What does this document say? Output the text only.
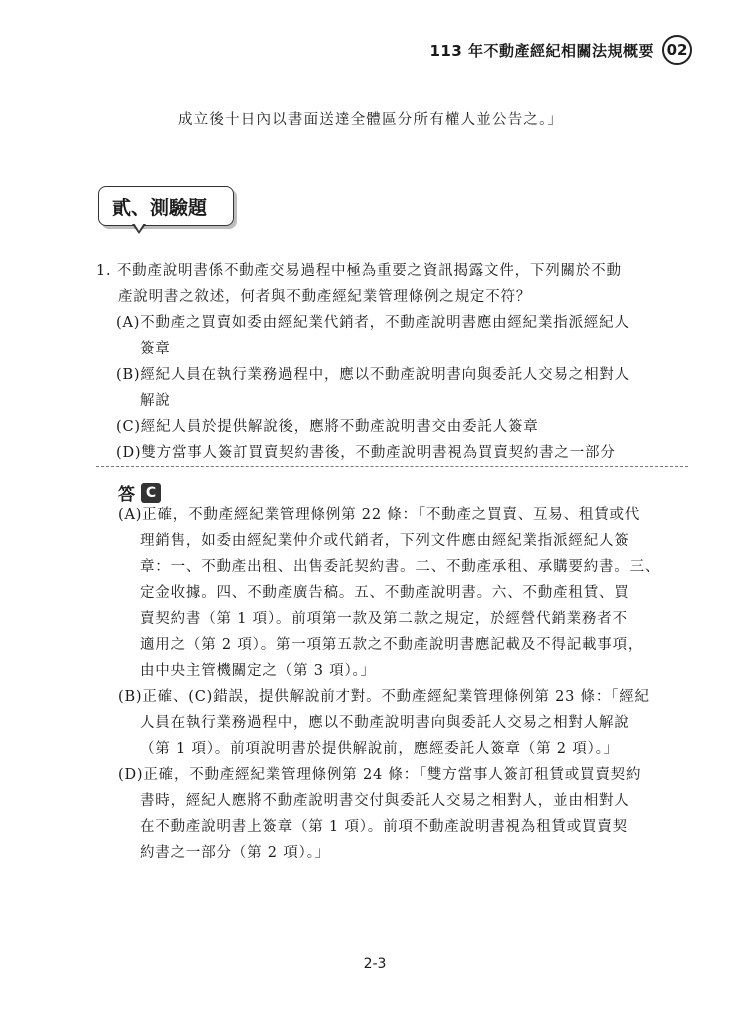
113 年不動產經紀相關法規概要 02
成立後十日內以書面送達全體區分所有權人並公告之。」
貳、測驗題
1. 不動產說明書係不動產交易過程中極為重要之資訊揭露文件，下列關於不動
產說明書之敘述，何者與不動產經紀業管理條例之規定不符？
(A)不動產之買賣如委由經紀業代銷者，不動產說明書應由經紀業指派經紀人
簽章
(B)經紀人員在執行業務過程中，應以不動產說明書向與委託人交易之相對人
解說
(C)經紀人員於提供解說後，應將不動產說明書交由委託人簽章
(D)雙方當事人簽訂買賣契約書後，不動產說明書視為買賣契約書之一部分
答 C
(A)正確，不動產經紀業管理條例第 22 條：「不動產之買賣、互易、租賃或代
理銷售，如委由經紀業仲介或代銷者，下列文件應由經紀業指派經紀人簽
章：一、不動產出租、出售委託契約書。二、不動產承租、承購要約書。三、
定金收據。四、不動產廣告稿。五、不動產說明書。六、不動產租賃、買
賣契約書（第 1 項）。前項第一款及第二款之規定，於經營代銷業務者不
適用之（第 2 項）。第一項第五款之不動產說明書應記載及不得記載事項，
由中央主管機關定之（第 3 項）。」
(B)正確、(C)錯誤，提供解說前才對。不動產經紀業管理條例第 23 條：「經紀
人員在執行業務過程中，應以不動產說明書向與委託人交易之相對人解說
（第 1 項）。前項說明書於提供解說前，應經委託人簽章（第 2 項）。」
(D)正確，不動產經紀業管理條例第 24 條：「雙方當事人簽訂租賃或買賣契約
書時，經紀人應將不動產說明書交付與委託人交易之相對人，並由相對人
在不動產說明書上簽章（第 1 項）。前項不動產說明書視為租賃或買賣契
約書之一部分（第 2 項）。」
2-3
